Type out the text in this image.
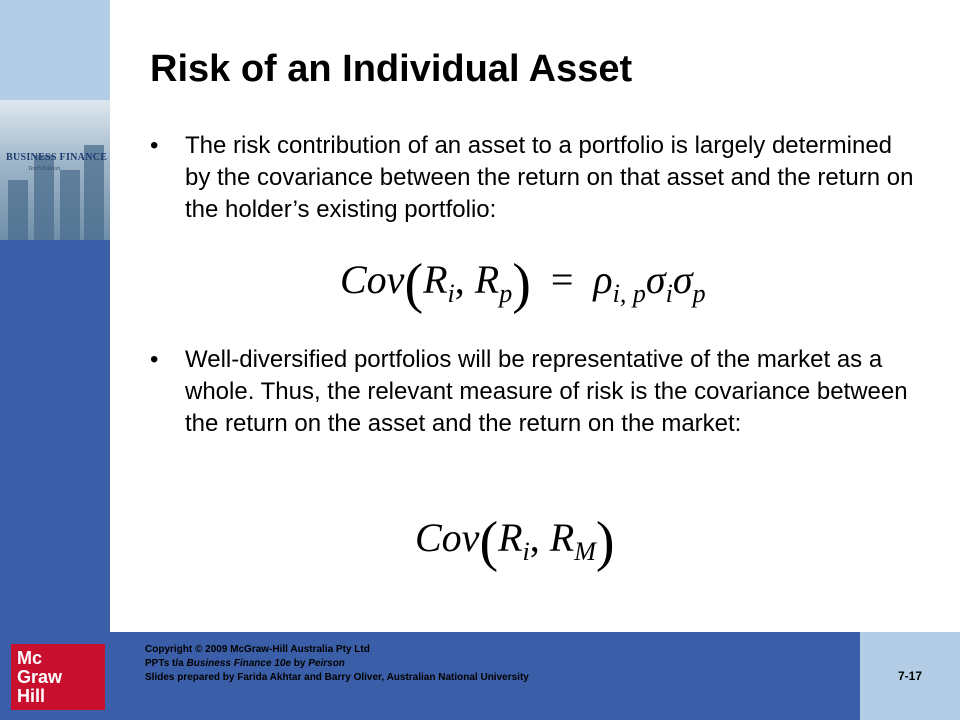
BUSINESS FINANCE
Tenth Edition
Mc
Graw
Hill
Risk of an Individual Asset
• The risk contribution of an asset to a portfolio is largely determined by the covariance between the return on that asset and the return on the holder’s existing portfolio:
$Cov(R_i$, $R_p) = \rho_{i, p}\sigma_i\sigma_p$
• Well-diversified portfolios will be representative of the market as a whole. Thus, the relevant measure of risk is the covariance between the return on the asset and the return on the market:
$Cov(R_i$, $R_M$)
Copyright © 2009 McGraw-Hill Australia Pty Ltd
PPTs t/a Business Finance 10e by Peirson
Slides prepared by Farida Akhtar and Barry Oliver, Australian National University	7-17
